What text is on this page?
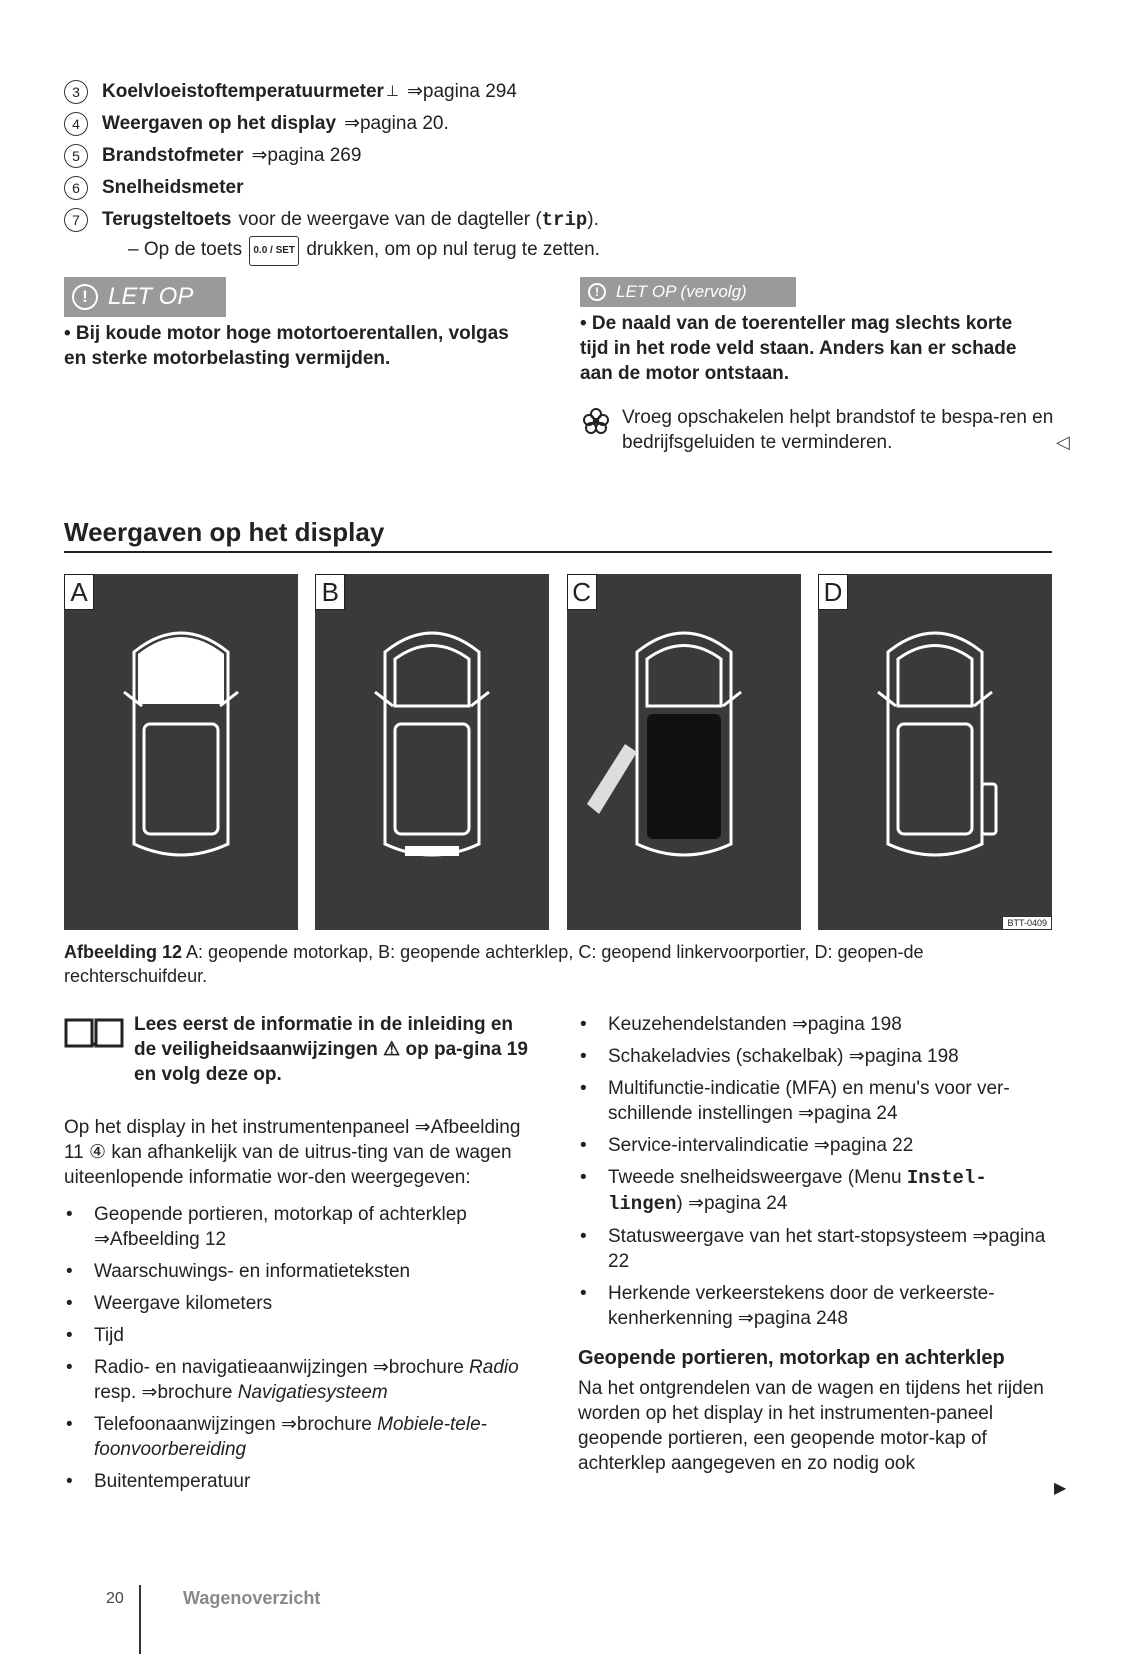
3	Koelvloeistoftemperatuurmeter ⊥ ⇒pagina 294
4	Weergaven op het display ⇒pagina 20.
5	Brandstofmeter ⇒pagina 269
6	Snelheidsmeter
7	Terugsteltoets voor de weergave van de dagteller ( trip ).
– Op de toets 0.0 / SET drukken, om op nul terug te zetten.
! LET OP
• Bij koude motor hoge motortoerentallen, volgas en sterke motorbelasting vermijden.
!	LET OP (vervolg)
• De naald van de toerenteller mag slechts korte tijd in het rode veld staan. Anders kan er schade aan de motor ontstaan.
Vroeg opschakelen helpt brandstof te bespa-ren en bedrijfsgeluiden te verminderen.	◁
Weergaven op het display
A	B	C	D
BTT-0409
Afbeelding 12 A: geopende motorkap, B: geopende achterklep, C: geopend linkervoorportier, D: geopen-de rechterschuifdeur.
Lees eerst de informatie in de inleiding en de veiligheidsaanwijzingen ⚠ op pa-gina 19 en volg deze op.
Op het display in het instrumentenpaneel ⇒Afbeelding 11 ④ kan afhankelijk van de uitrus-ting van de wagen uiteenlopende informatie wor-den weergegeven:
•	Geopende portieren, motorkap of achterklep ⇒Afbeelding 12
•	Waarschuwings- en informatieteksten
•	Weergave kilometers
•	Tijd
•	Radio- en navigatieaanwijzingen ⇒brochure Radio resp. ⇒brochure Navigatiesysteem
•	Telefoonaanwijzingen ⇒brochure Mobiele-tele-foonvoorbereiding
•	Buitentemperatuur
•	Keuzehendelstanden ⇒pagina 198
•	Schakeladvies (schakelbak) ⇒pagina 198
•	Multifunctie-indicatie (MFA) en menu's voor ver-schillende instellingen ⇒pagina 24
•	Service-intervalindicatie ⇒pagina 22
•	Tweede snelheidsweergave (Menu Instel-lingen) ⇒pagina 24
•	Statusweergave van het start-stopsysteem ⇒pagina 22
•	Herkende verkeerstekens door de verkeerste-kenherkenning ⇒pagina 248
Geopende portieren, motorkap en achterklep
Na het ontgrendelen van de wagen en tijdens het rijden worden op het display in het instrumenten-paneel geopende portieren, een geopende motor-kap of achterklep aangegeven en zo nodig ook
▶
20	Wagenoverzicht
